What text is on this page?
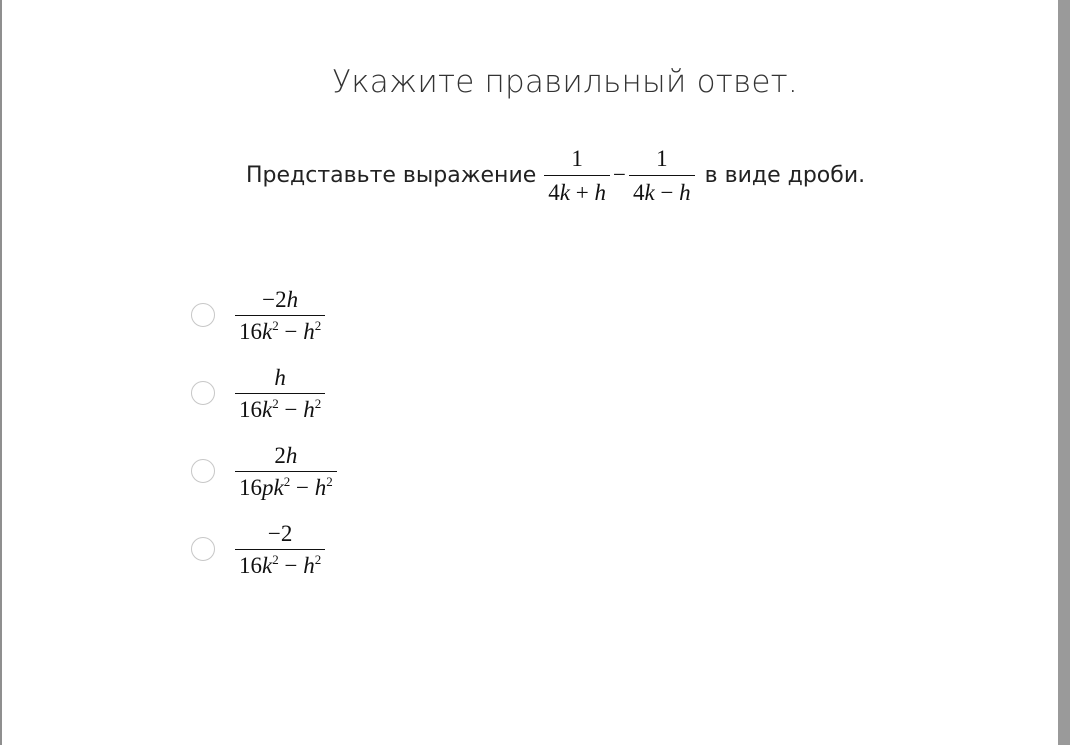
Укажите правильный ответ.
Представьте выражение $\frac{1}{4k + h} - \frac{1}{4k - h}$ в виде дроби.
$\frac{-2h}{16k^2 - h^2}$
$\frac{h}{16k^2 - h^2}$
$\frac{2h}{16pk^2 - h^2}$
$\frac{-2}{16k^2 - h^2}$
